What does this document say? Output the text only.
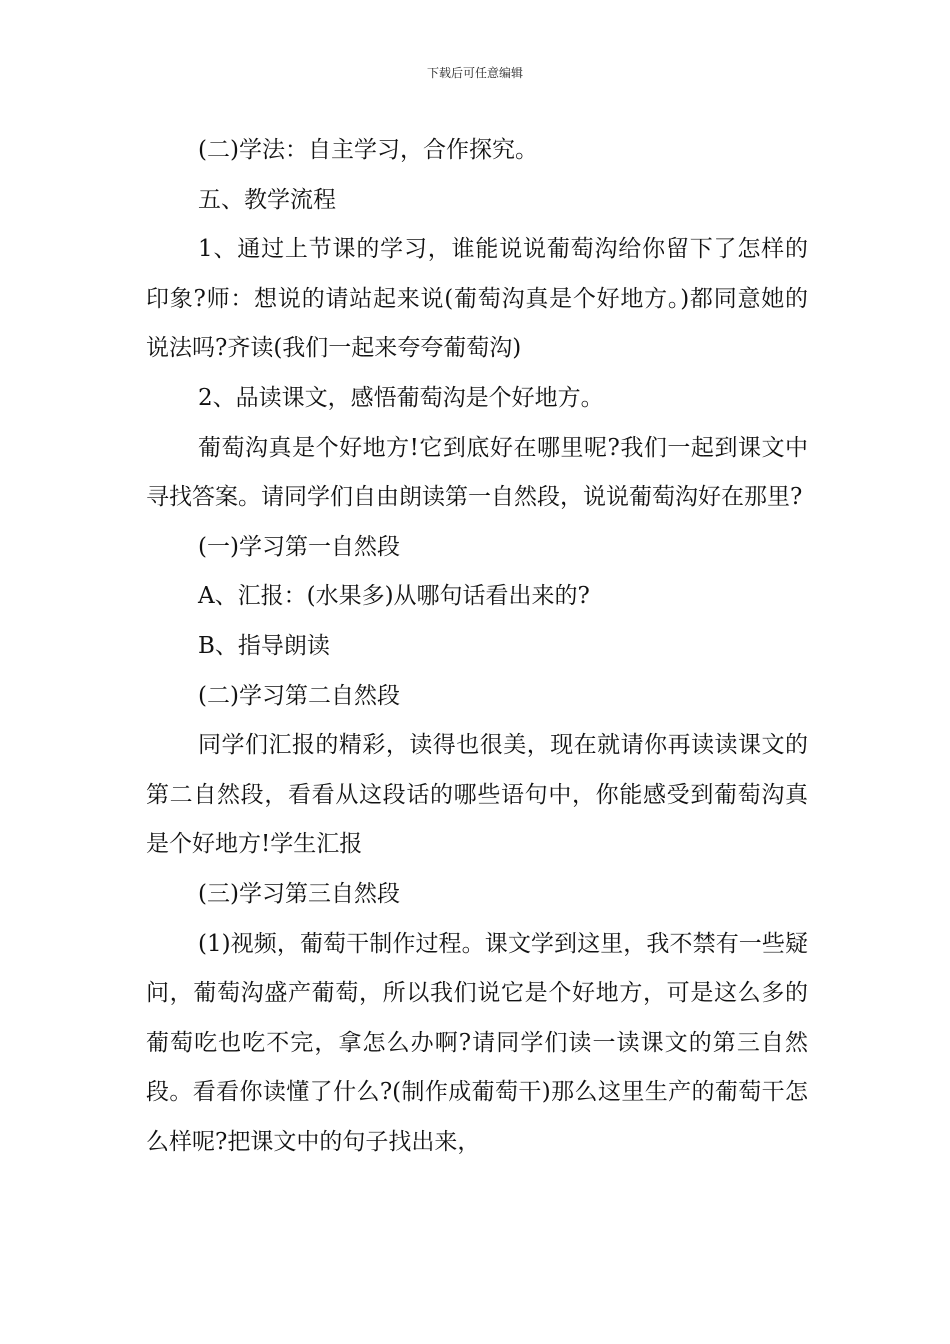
下载后可任意编辑

(二)学法：自主学习，合作探究。

五、教学流程

1、通过上节课的学习，谁能说说葡萄沟给你留下了怎样的印象?师：想说的请站起来说(葡萄沟真是个好地方。)都同意她的说法吗?齐读(我们一起来夸夸葡萄沟)

2、品读课文，感悟葡萄沟是个好地方。

葡萄沟真是个好地方!它到底好在哪里呢?我们一起到课文中寻找答案。请同学们自由朗读第一自然段，说说葡萄沟好在那里?

(一)学习第一自然段

A、汇报：(水果多)从哪句话看出来的?

B、指导朗读

(二)学习第二自然段

同学们汇报的精彩，读得也很美，现在就请你再读读课文的第二自然段，看看从这段话的哪些语句中，你能感受到葡萄沟真是个好地方!学生汇报

(三)学习第三自然段

(1)视频，葡萄干制作过程。课文学到这里，我不禁有一些疑问，葡萄沟盛产葡萄，所以我们说它是个好地方，可是这么多的葡萄吃也吃不完，拿怎么办啊?请同学们读一读课文的第三自然段。看看你读懂了什么?(制作成葡萄干)那么这里生产的葡萄干怎么样呢?把课文中的句子找出来，
